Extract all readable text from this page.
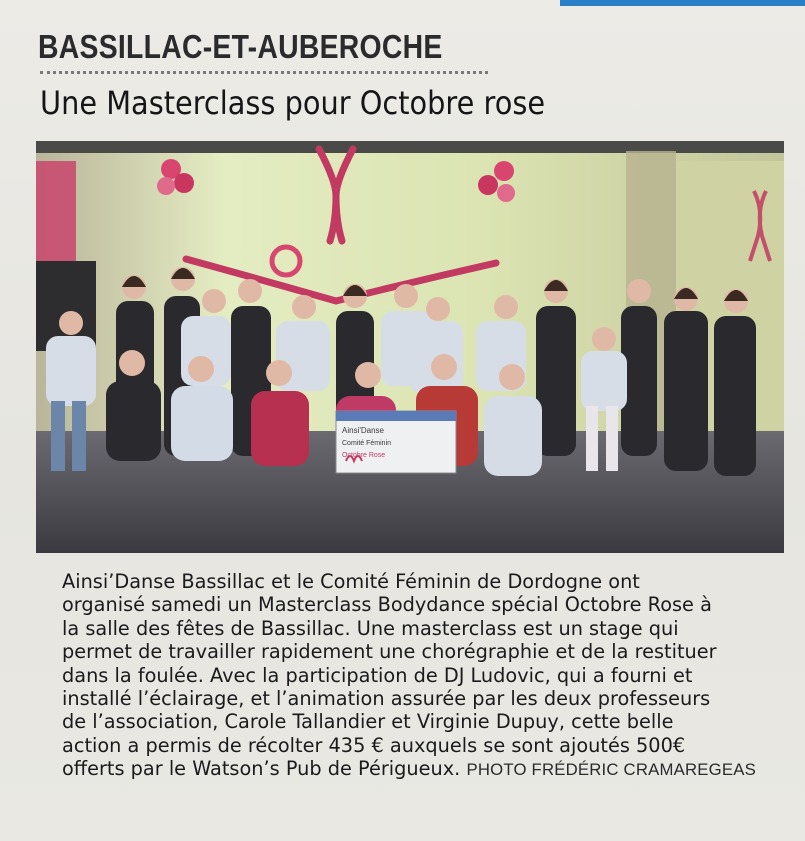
BASSILLAC-ET-AUBEROCHE
Une Masterclass pour Octobre rose
Ainsi'Danse
Comité Féminin
Octobre Rose
Ainsi’Danse Bassillac et le Comité Féminin de Dordogne ont
organisé samedi un Masterclass Bodydance spécial Octobre Rose à
la salle des fêtes de Bassillac. Une masterclass est un stage qui
permet de travailler rapidement une chorégraphie et de la restituer
dans la foulée. Avec la participation de DJ Ludovic, qui a fourni et
installé l’éclairage, et l’animation assurée par les deux professeurs
de l’association, Carole Tallandier et Virginie Dupuy, cette belle
action a permis de récolter 435 € auxquels se sont ajoutés 500€
offerts par le Watson’s Pub de Périgueux. PHOTO FRÉDÉRIC CRAMAREGEAS
